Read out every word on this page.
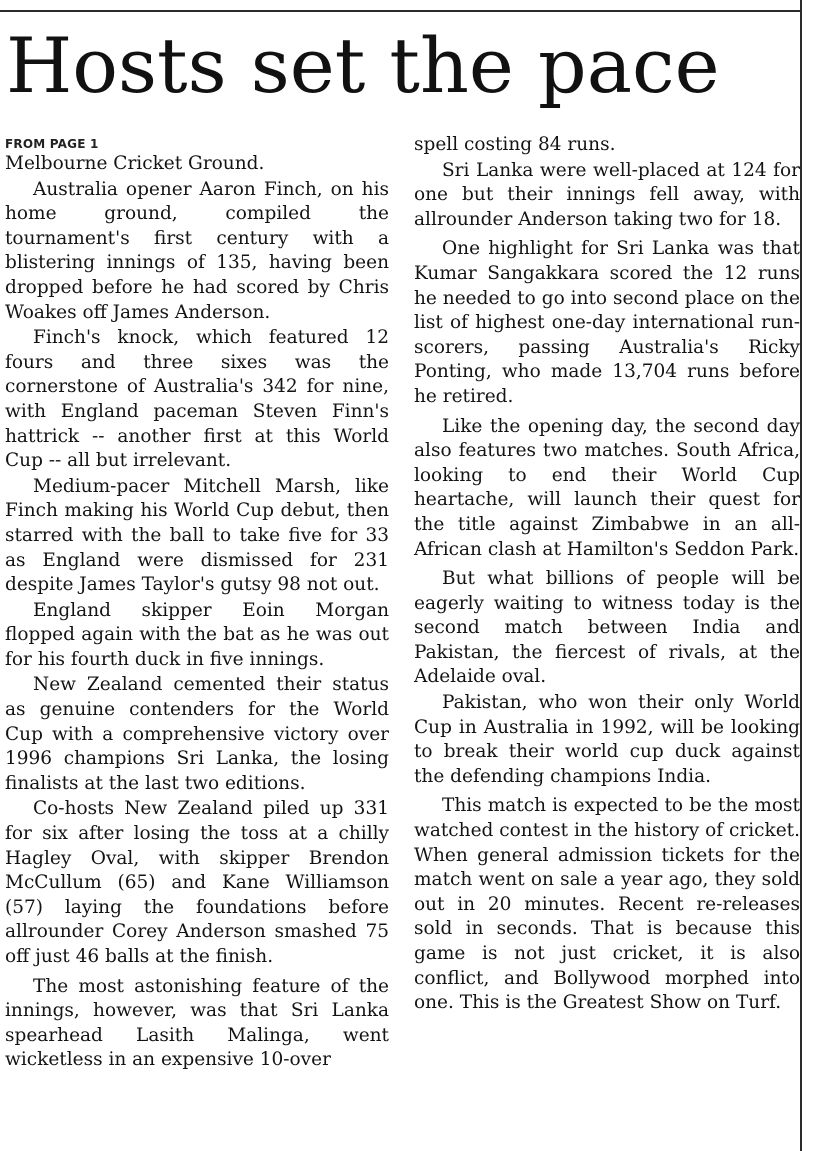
Hosts set the pace
FROM PAGE 1

Melbourne Cricket Ground.

Australia opener Aaron Finch, on his home ground, compiled the tournament's first century with a blistering innings of 135, having been dropped before he had scored by Chris Woakes off James Anderson.

Finch's knock, which featured 12 fours and three sixes was the cornerstone of Australia's 342 for nine, with England paceman Steven Finn's hattrick -- another first at this World Cup -- all but irrelevant.

Medium-pacer Mitchell Marsh, like Finch making his World Cup debut, then starred with the ball to take five for 33 as England were dismissed for 231 despite James Taylor's gutsy 98 not out.

England skipper Eoin Morgan flopped again with the bat as he was out for his fourth duck in five innings.

New Zealand cemented their status as genuine contenders for the World Cup with a comprehensive victory over 1996 champions Sri Lanka, the losing finalists at the last two editions.

Co-hosts New Zealand piled up 331 for six after losing the toss at a chilly Hagley Oval, with skipper Brendon McCullum (65) and Kane Williamson (57) laying the foundations before allrounder Corey Anderson smashed 75 off just 46 balls at the finish.

The most astonishing feature of the innings, however, was that Sri Lanka spearhead Lasith Malinga, went wicketless in an expensive 10-over

spell costing 84 runs.

Sri Lanka were well-placed at 124 for one but their innings fell away, with allrounder Anderson taking two for 18.

One highlight for Sri Lanka was that Kumar Sangakkara scored the 12 runs he needed to go into second place on the list of highest one-day international run-scorers, passing Australia's Ricky Ponting, who made 13,704 runs before he retired.

Like the opening day, the second day also features two matches. South Africa, looking to end their World Cup heartache, will launch their quest for the title against Zimbabwe in an all-African clash at Hamilton's Seddon Park.

But what billions of people will be eagerly waiting to witness today is the second match between India and Pakistan, the fiercest of rivals, at the Adelaide oval.

Pakistan, who won their only World Cup in Australia in 1992, will be looking to break their world cup duck against the defending champions India.

This match is expected to be the most watched contest in the history of cricket. When general admission tickets for the match went on sale a year ago, they sold out in 20 minutes. Recent re-releases sold in seconds. That is because this game is not just cricket, it is also conflict, and Bollywood morphed into one. This is the Greatest Show on Turf.
